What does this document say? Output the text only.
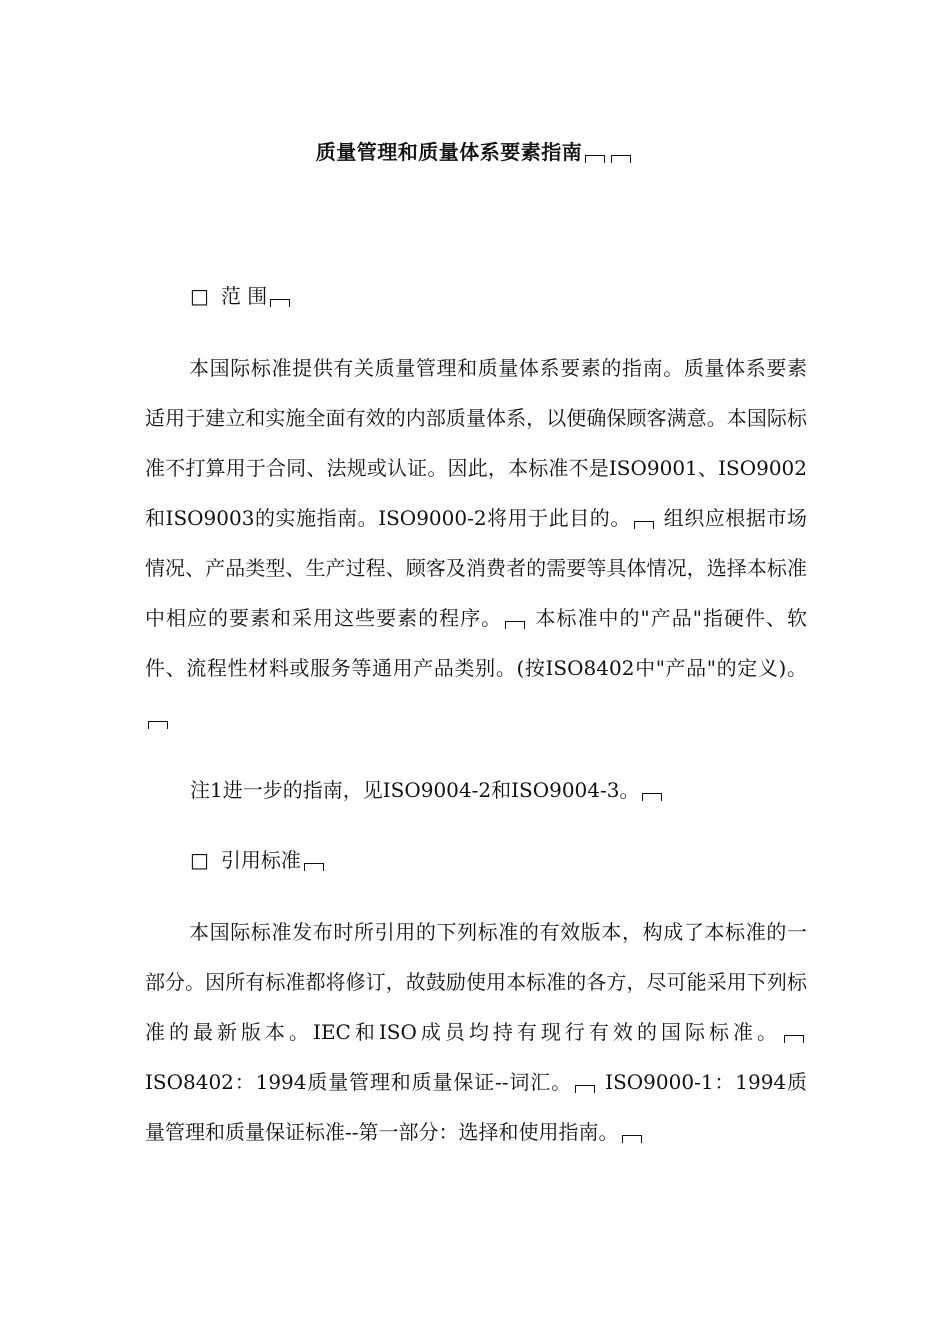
质量管理和质量体系要素指南
□ 范 围

本国际标准提供有关质量管理和质量体系要素的指南。质量体系要素适用于建立和实施全面有效的内部质量体系，以便确保顾客满意。本国际标准不打算用于合同、法规或认证。因此，本标准不是ISO9001、ISO9002和ISO9003的实施指南。ISO9000-2将用于此目的。 组织应根据市场情况、产品类型、生产过程、顾客及消费者的需要等具体情况，选择本标准中相应的要素和采用这些要素的程序。 本标准中的"产品"指硬件、软件、流程性材料或服务等通用产品类别。(按ISO8402中"产品"的定义)。

注1进一步的指南，见ISO9004-2和ISO9004-3。
□ 引用标准

本国际标准发布时所引用的下列标准的有效版本，构成了本标准的一部分。因所有标准都将修订，故鼓励使用本标准的各方，尽可能采用下列标准的最新版本。IEC和ISO成员均持有现行有效的国际标准。 ISO8402：1994质量管理和质量保证--词汇。 ISO9000-1：1994质量管理和质量保证标准--第一部分：选择和使用指南。
